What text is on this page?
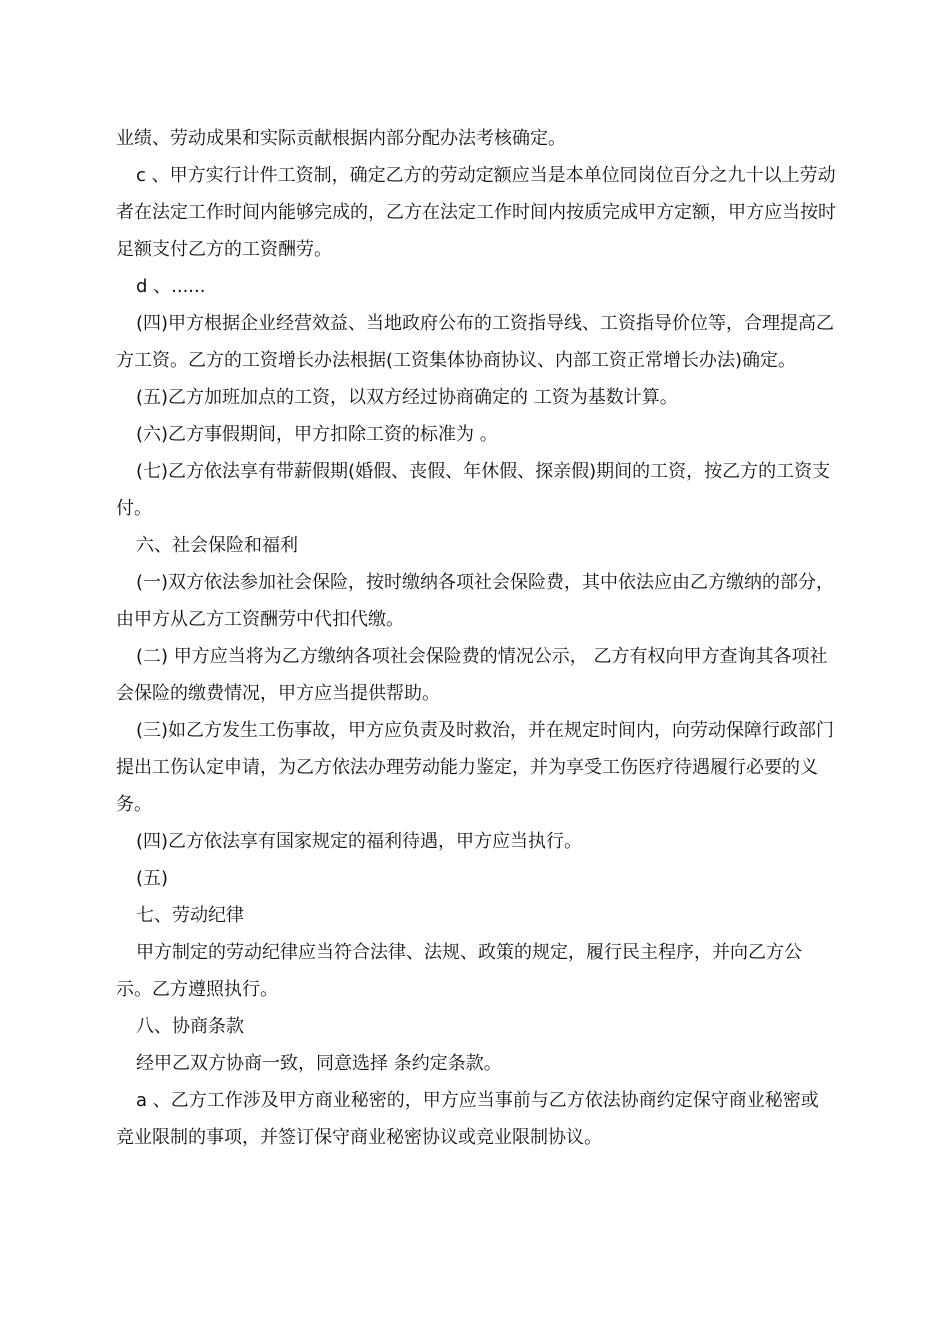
业绩、劳动成果和实际贡献根据内部分配办法考核确定。

c 、甲方实行计件工资制，确定乙方的劳动定额应当是本单位同岗位百分之九十以上劳动者在法定工作时间内能够完成的，乙方在法定工作时间内按质完成甲方定额，甲方应当按时足额支付乙方的工资酬劳。

d 、......

(四)甲方根据企业经营效益、当地政府公布的工资指导线、工资指导价位等，合理提高乙方工资。乙方的工资增长办法根据(工资集体协商协议、内部工资正常增长办法)确定。

(五)乙方加班加点的工资，以双方经过协商确定的 工资为基数计算。

(六)乙方事假期间，甲方扣除工资的标准为 。

(七)乙方依法享有带薪假期(婚假、丧假、年休假、探亲假)期间的工资，按乙方的工资支付。

六、社会保险和福利

(一)双方依法参加社会保险，按时缴纳各项社会保险费，其中依法应由乙方缴纳的部分，由甲方从乙方工资酬劳中代扣代缴。

(二) 甲方应当将为乙方缴纳各项社会保险费的情况公示， 乙方有权向甲方查询其各项社会保险的缴费情况，甲方应当提供帮助。

(三)如乙方发生工伤事故，甲方应负责及时救治，并在规定时间内，向劳动保障行政部门提出工伤认定申请，为乙方依法办理劳动能力鉴定，并为享受工伤医疗待遇履行必要的义务。

(四)乙方依法享有国家规定的福利待遇，甲方应当执行。

(五)

七、劳动纪律

甲方制定的劳动纪律应当符合法律、法规、政策的规定，履行民主程序，并向乙方公示。乙方遵照执行。

八、协商条款

经甲乙双方协商一致，同意选择 条约定条款。

a 、乙方工作涉及甲方商业秘密的，甲方应当事前与乙方依法协商约定保守商业秘密或竞业限制的事项，并签订保守商业秘密协议或竞业限制协议。
